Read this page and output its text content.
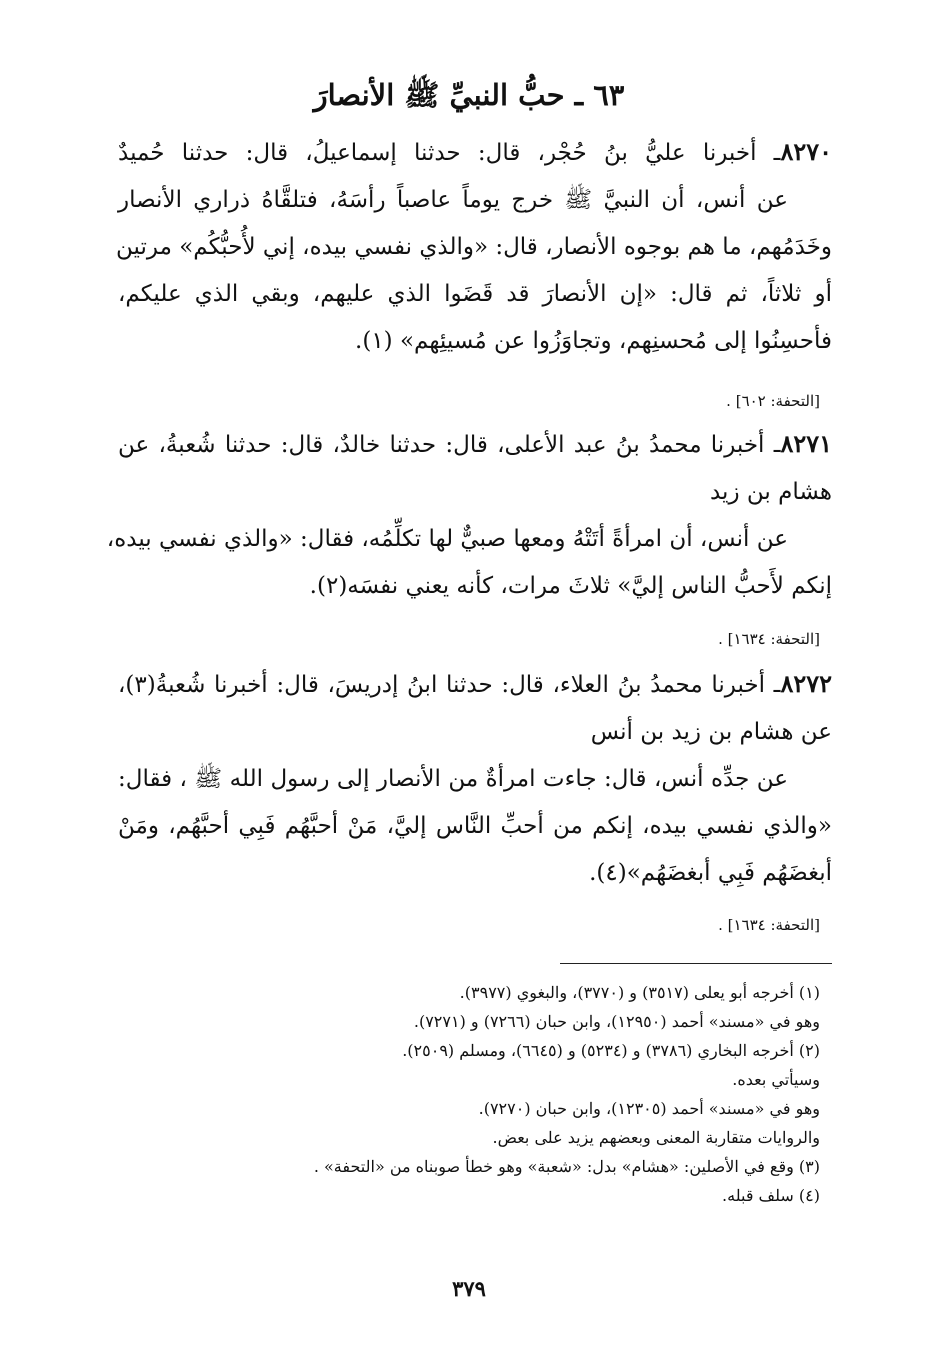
٦٣ ـ حبُّ النبيِّ ﷺ الأنصارَ
٨٢٧٠ـ أخبرنا عليُّ بنُ حُجْر، قال: حدثنا إسماعيلُ، قال: حدثنا حُميدٌ
عن أنس، أن النبيَّ ﷺ خرج يوماً عاصباً رأسَهُ، فتلقَّاهُ ذراري الأنصار
وخَدَمُهم، ما هم بوجوه الأنصار، قال: «والذي نفسي بيده، إني لأُحبُّكُم» مرتين
أو ثلاثاً، ثم قال: «إن الأنصارَ قد قَضَوا الذي عليهم، وبقي الذي عليكم،
فأحسِنُوا إلى مُحسنِهم، وتجاوَزُوا عن مُسيئِهم» (١).
[التحفة: ٦٠٢] .
٨٢٧١ـ أخبرنا محمدُ بنُ عبد الأعلى، قال: حدثنا خالدٌ، قال: حدثنا شُعبةُ، عن
هشام بن زيد
عن أنس، أن امرأةً أتَتْهُ ومعها صبيٌّ لها تكلِّمُه، فقال: «والذي نفسي بيده،
إنكم لأَحبُّ الناس إليَّ» ثلاثَ مرات، كأنه يعني نفسَه(٢).
[التحفة: ١٦٣٤] .
٨٢٧٢ـ أخبرنا محمدُ بنُ العلاء، قال: حدثنا ابنُ إدريسَ، قال: أخبرنا شُعبةُ(٣)،
عن هشام بن زيد بن أنس
عن جدِّه أنس، قال: جاءت امرأةٌ من الأنصار إلى رسول الله ﷺ ، فقال:
«والذي نفسي بيده، إنكم من أحبِّ النَّاس إليَّ، مَنْ أحبَّهُم فَبِي أحبَّهُم، ومَنْ
أبغضَهُم فَبِي أبغضَهُم»(٤).
[التحفة: ١٦٣٤] .
(١) أخرجه أبو يعلى (٣٥١٧) و (٣٧٧٠)، والبغوي (٣٩٧٧).
وهو في «مسند» أحمد (١٢٩٥٠)، وابن حبان (٧٢٦٦) و (٧٢٧١).
(٢) أخرجه البخاري (٣٧٨٦) و (٥٢٣٤) و (٦٦٤٥)، ومسلم (٢٥٠٩).
وسيأتي بعده.
وهو في «مسند» أحمد (١٢٣٠٥)، وابن حبان (٧٢٧٠).
والروايات متقاربة المعنى وبعضهم يزيد على بعض.
(٣) وقع في الأصلين: «هشام» بدل: «شعبة» وهو خطأ صوبناه من «التحفة» .
(٤) سلف قبله.
٣٧٩
